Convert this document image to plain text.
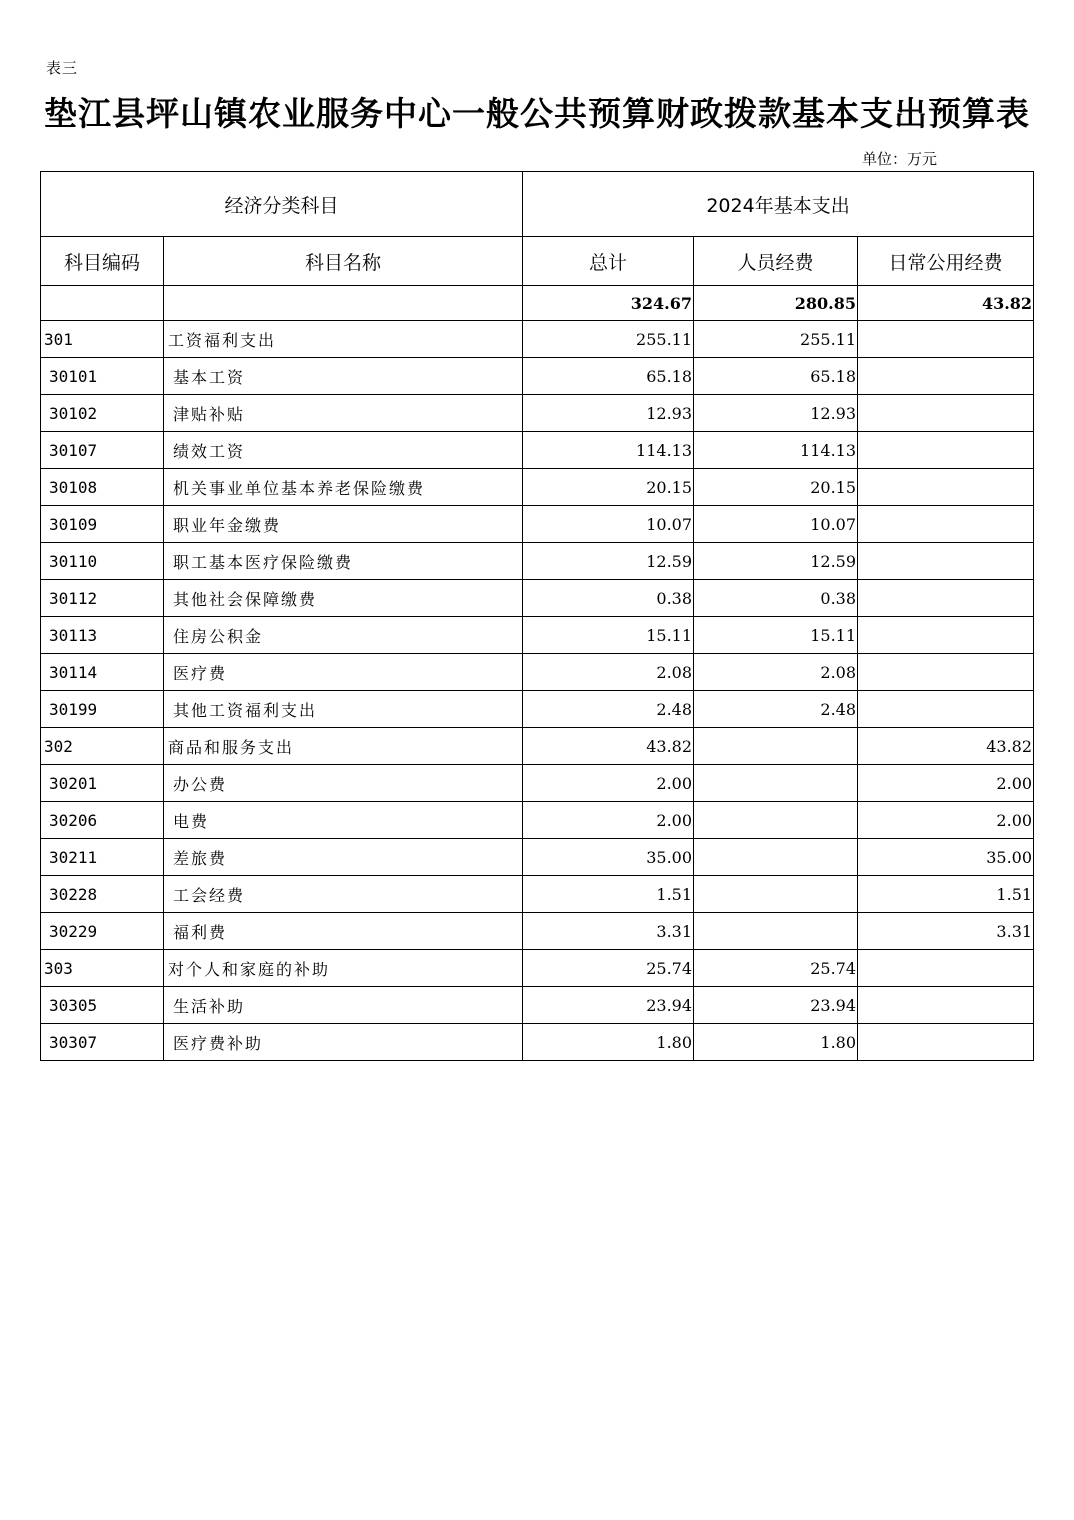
表三
垫江县坪山镇农业服务中心一般公共预算财政拨款基本支出预算表
单位：万元
经济分类科目		2024年基本支出		
科目编码	科目名称	总计	人员经费	日常公用经费
		324.67	280.85	43.82
301	工资福利支出	255.11	255.11	
30101	基本工资	65.18	65.18	
30102	津贴补贴	12.93	12.93	
30107	绩效工资	114.13	114.13	
30108	机关事业单位基本养老保险缴费	20.15	20.15	
30109	职业年金缴费	10.07	10.07	
30110	职工基本医疗保险缴费	12.59	12.59	
30112	其他社会保障缴费	0.38	0.38	
30113	住房公积金	15.11	15.11	
30114	医疗费	2.08	2.08	
30199	其他工资福利支出	2.48	2.48	
302	商品和服务支出	43.82		43.82
30201	办公费	2.00		2.00
30206	电费	2.00		2.00
30211	差旅费	35.00		35.00
30228	工会经费	1.51		1.51
30229	福利费	3.31		3.31
303	对个人和家庭的补助	25.74	25.74	
30305	生活补助	23.94	23.94	
30307	医疗费补助	1.80	1.80	
